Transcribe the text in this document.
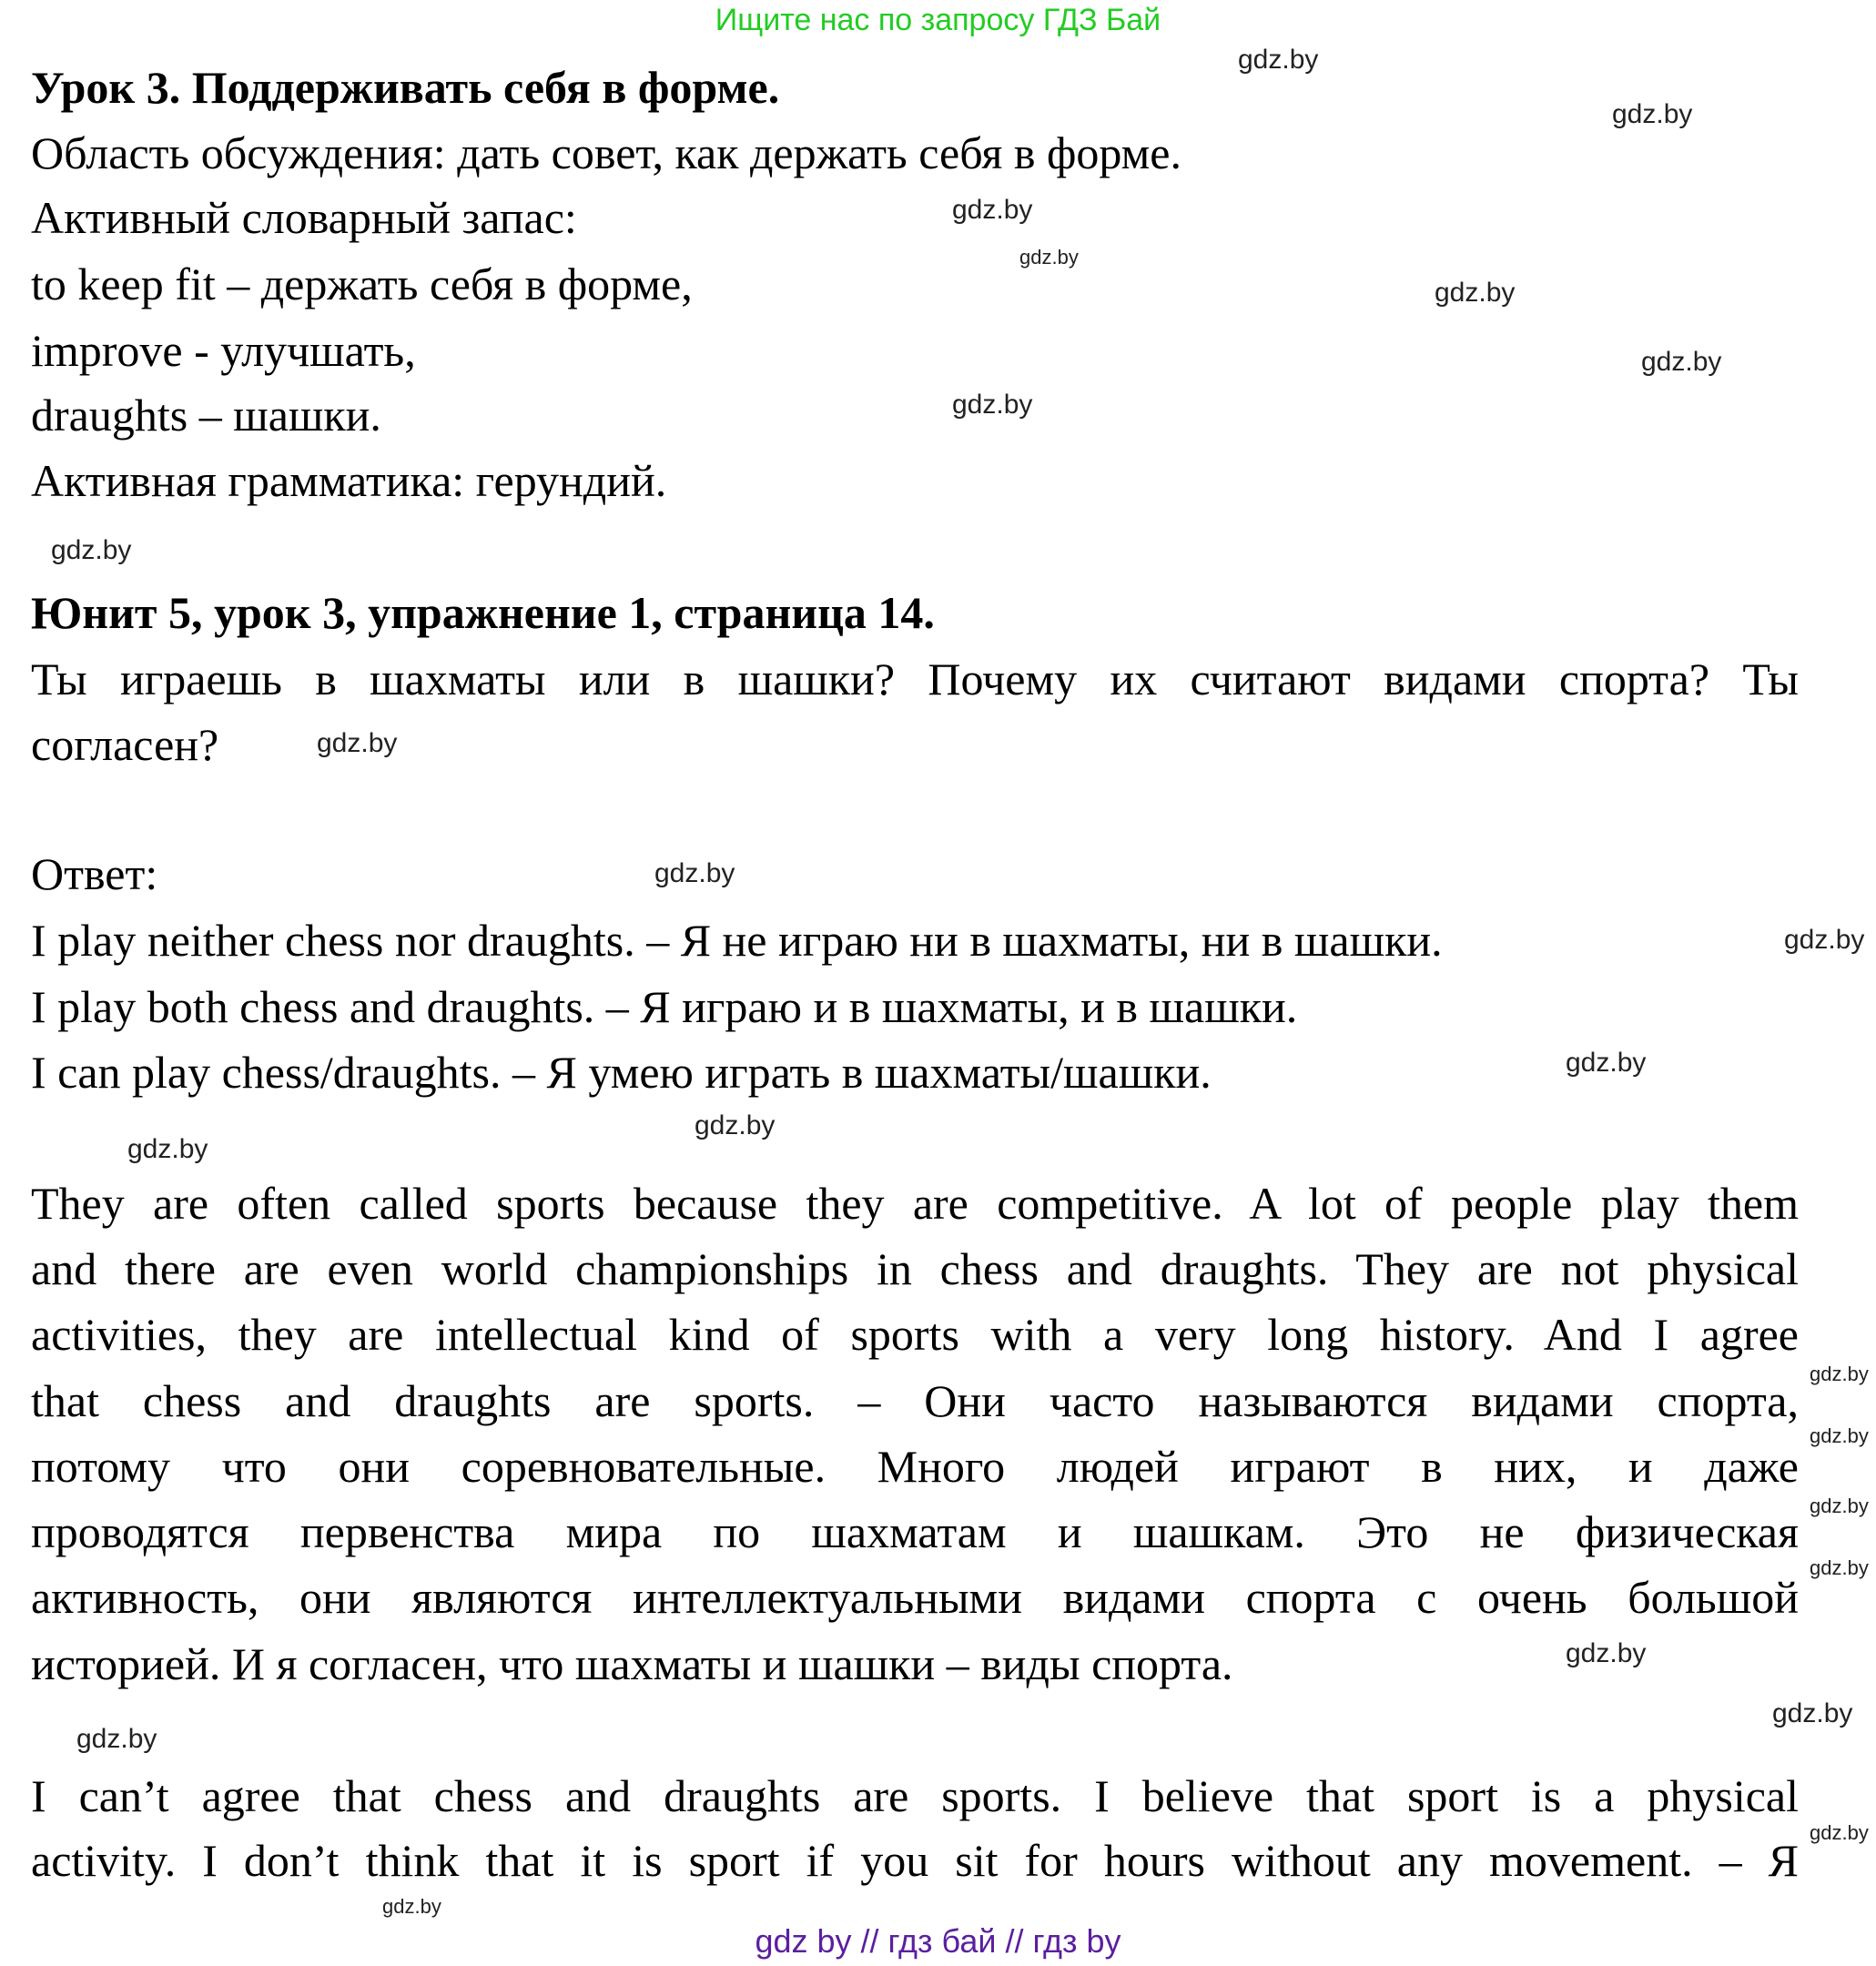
Ищите нас по запросу ГДЗ Бай
Урок 3. Поддерживать себя в форме.
Область обсуждения: дать совет, как держать себя в форме.
Активный словарный запас:
to keep fit – держать себя в форме,
improve - улучшать,
draughts – шашки.
Активная грамматика: герундий.
Юнит 5, урок 3, упражнение 1, страница 14.
Ты играешь в шахматы или в шашки? Почему их считают видами спорта? Ты
согласен?
Ответ:
I play neither chess nor draughts. – Я не играю ни в шахматы, ни в шашки.
I play both chess and draughts. – Я играю и в шахматы, и в шашки.
I can play chess/draughts. – Я умею играть в шахматы/шашки.
They are often called sports because they are competitive. A lot of people play them
and there are even world championships in chess and draughts. They are not physical
activities, they are intellectual kind of sports with a very long history. And I agree
that chess and draughts are sports. – Они часто называются видами спорта,
потому что они соревновательные. Много людей играют в них, и даже
проводятся первенства мира по шахматам и шашкам. Это не физическая
активность, они являются интеллектуальными видами спорта с очень большой
историей. И я согласен, что шахматы и шашки – виды спорта.
I can’t agree that chess and draughts are sports. I believe that sport is a physical
activity. I don’t think that it is sport if you sit for hours without any movement. – Я
gdz.by
gdz.by
gdz.by
gdz.by
gdz.by
gdz.by
gdz.by
gdz.by
gdz.by
gdz.by
gdz.by
gdz.by
gdz.by
gdz.by
gdz.by
gdz.by
gdz.by
gdz.by
gdz.by
gdz.by
gdz.by
gdz.by
gdz.by
gdz by // гдз бай // гдз by
